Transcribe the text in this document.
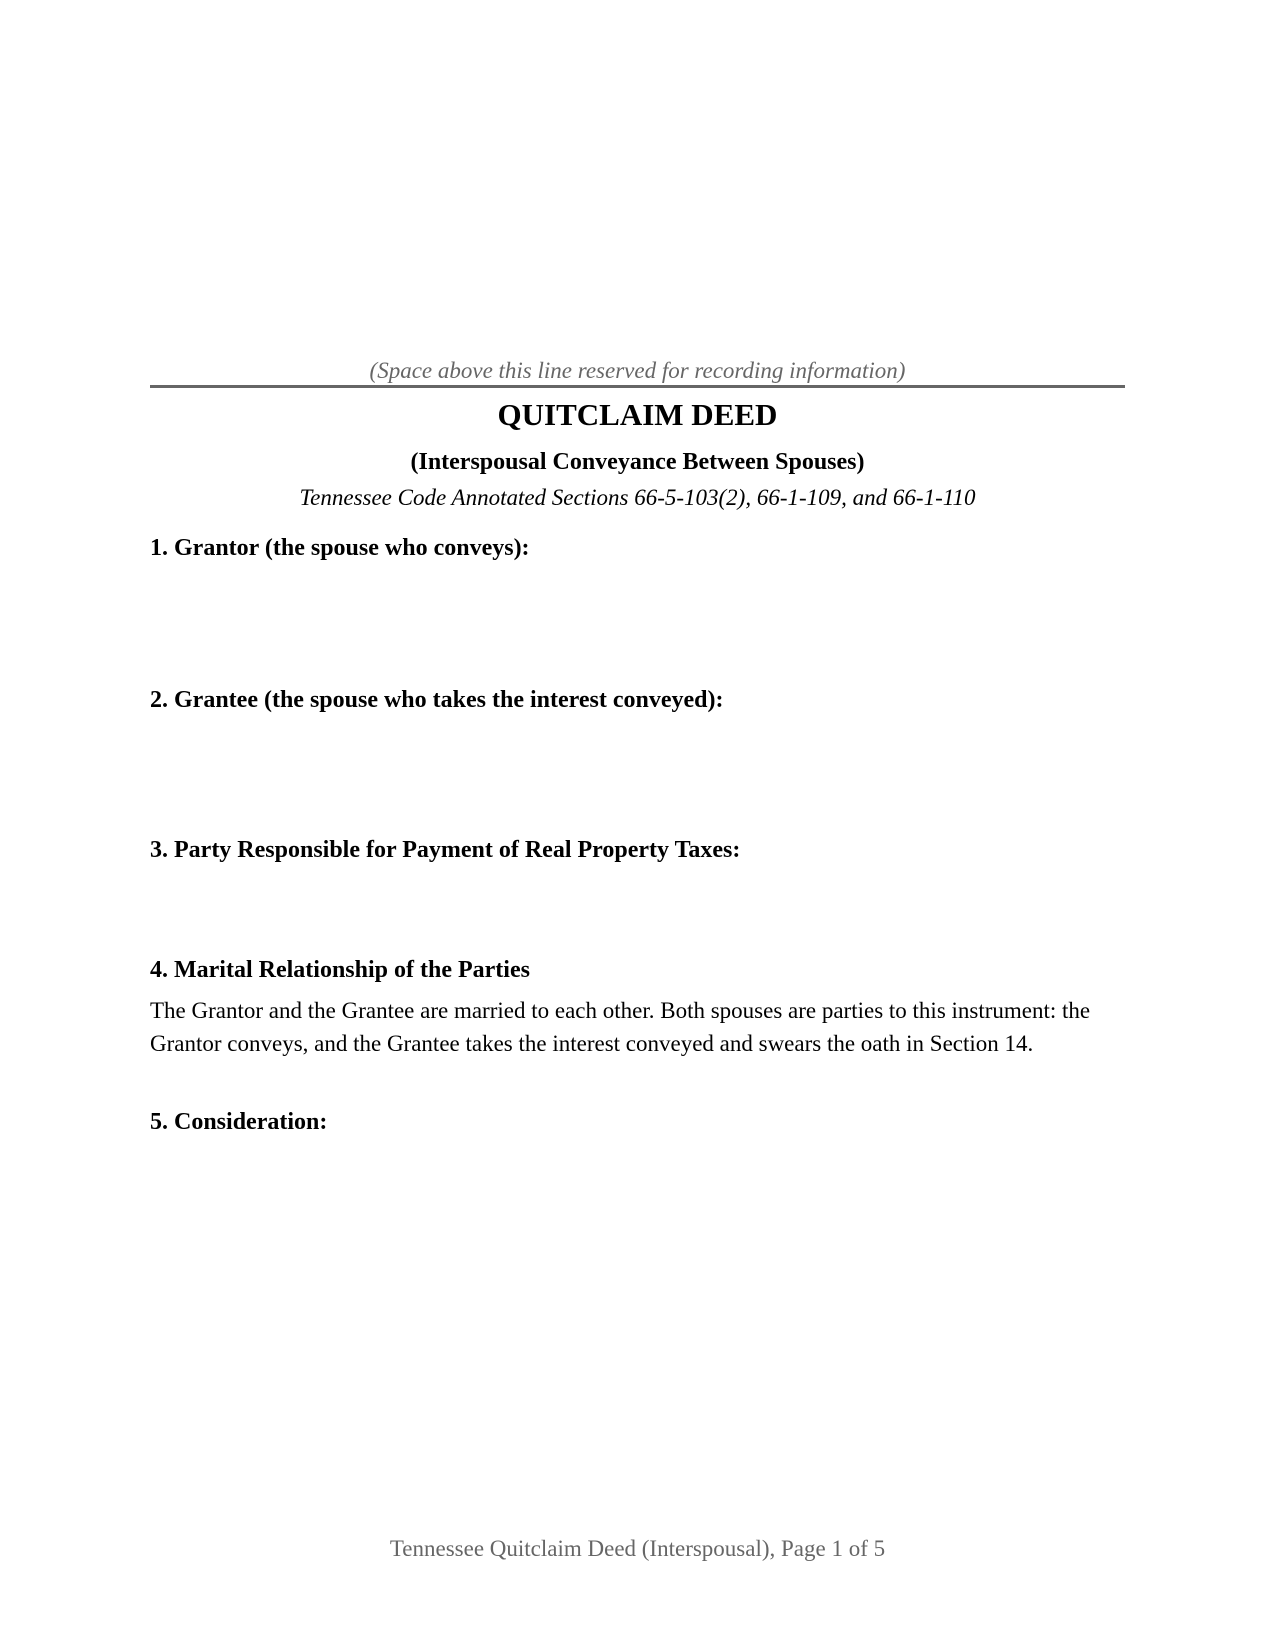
(Space above this line reserved for recording information)
QUITCLAIM DEED
(Interspousal Conveyance Between Spouses)
Tennessee Code Annotated Sections 66-5-103(2), 66-1-109, and 66-1-110
1. Grantor (the spouse who conveys):
2. Grantee (the spouse who takes the interest conveyed):
3. Party Responsible for Payment of Real Property Taxes:
4. Marital Relationship of the Parties
The Grantor and the Grantee are married to each other. Both spouses are parties to this instrument: the Grantor conveys, and the Grantee takes the interest conveyed and swears the oath in Section 14.
5. Consideration:
Tennessee Quitclaim Deed (Interspousal), Page 1 of 5
